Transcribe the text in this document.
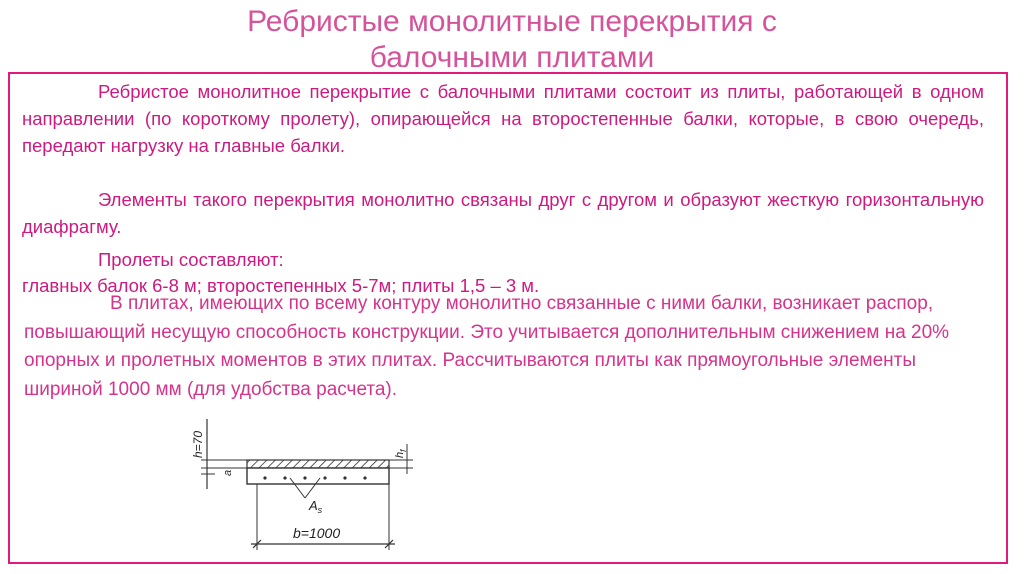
Ребристые монолитные перекрытия с
балочными плитами

Ребристое монолитное перекрытие с балочными плитами состоит из плиты, работающей в одном направлении (по короткому пролету), опирающейся на второстепенные балки, которые, в свою очередь, передают нагрузку на главные балки.

Элементы такого перекрытия монолитно связаны друг с другом и образуют жесткую горизонтальную диафрагму.

Пролеты составляют:

главных балок 6-8 м; второстепенных 5-7м; плиты 1,5 – 3 м.

В плитах, имеющих по всему контуру монолитно связанные с ними балки, возникает распор, повышающий несущую способность конструкции. Это учитывается дополнительным снижением на 20% опорных и пролетных моментов в этих плитах. Рассчитываются плиты как прямоугольные элементы шириной 1000 мм (для удобства расчета).

h=70
a
$A_s$
$h_f$
b=1000
